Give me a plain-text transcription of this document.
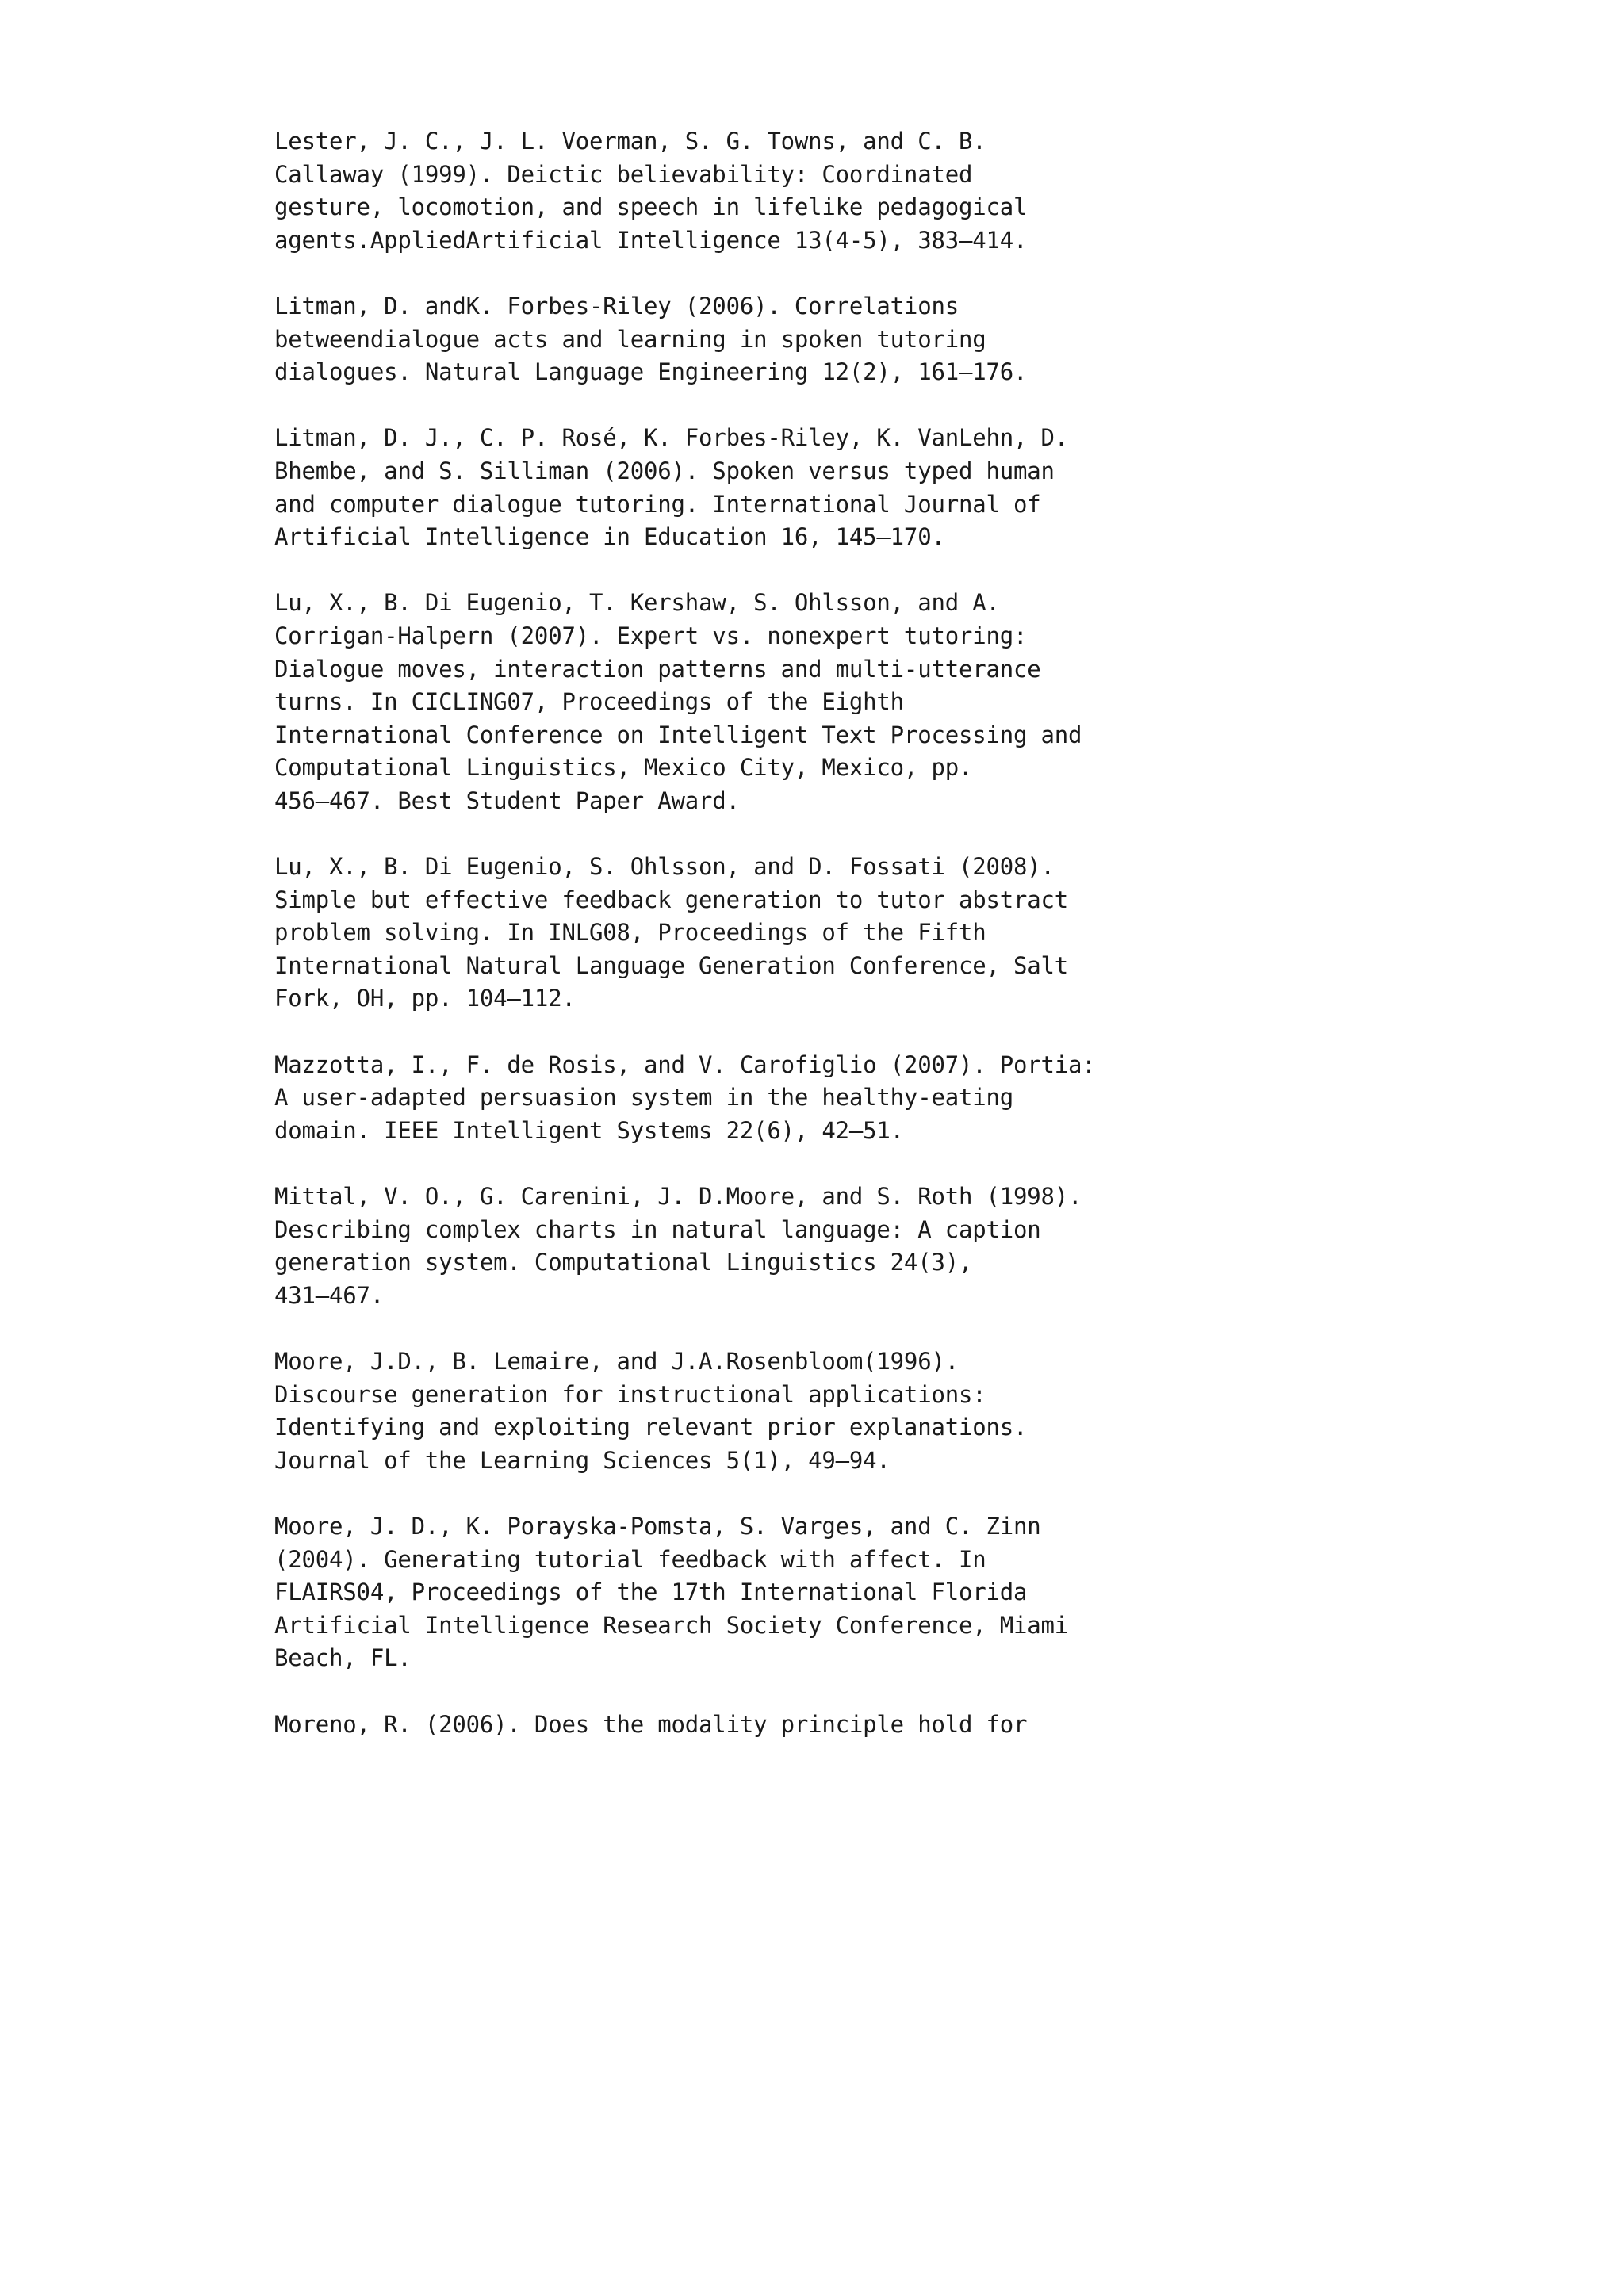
Lester, J. C., J. L. Voerman, S. G. Towns, and C. B.
Callaway (1999). Deictic believability: Coordinated
gesture, locomotion, and speech in lifelike pedagogical
agents.AppliedArtificial Intelligence 13(4-5), 383–414.
Litman, D. andK. Forbes-Riley (2006). Correlations
betweendialogue acts and learning in spoken tutoring
dialogues. Natural Language Engineering 12(2), 161–176.
Litman, D. J., C. P. Rosé, K. Forbes-Riley, K. VanLehn, D.
Bhembe, and S. Silliman (2006). Spoken versus typed human
and computer dialogue tutoring. International Journal of
Artificial Intelligence in Education 16, 145–170.
Lu, X., B. Di Eugenio, T. Kershaw, S. Ohlsson, and A.
Corrigan-Halpern (2007). Expert vs. nonexpert tutoring:
Dialogue moves, interaction patterns and multi-utterance
turns. In CICLING07, Proceedings of the Eighth
International Conference on Intelligent Text Processing and
Computational Linguistics, Mexico City, Mexico, pp.
456–467. Best Student Paper Award.
Lu, X., B. Di Eugenio, S. Ohlsson, and D. Fossati (2008).
Simple but effective feedback generation to tutor abstract
problem solving. In INLG08, Proceedings of the Fifth
International Natural Language Generation Conference, Salt
Fork, OH, pp. 104–112.
Mazzotta, I., F. de Rosis, and V. Carofiglio (2007). Portia:
A user-adapted persuasion system in the healthy-eating
domain. IEEE Intelligent Systems 22(6), 42–51.
Mittal, V. O., G. Carenini, J. D.Moore, and S. Roth (1998).
Describing complex charts in natural language: A caption
generation system. Computational Linguistics 24(3),
431–467.
Moore, J.D., B. Lemaire, and J.A.Rosenbloom(1996).
Discourse generation for instructional applications:
Identifying and exploiting relevant prior explanations.
Journal of the Learning Sciences 5(1), 49–94.
Moore, J. D., K. Porayska-Pomsta, S. Varges, and C. Zinn
(2004). Generating tutorial feedback with affect. In
FLAIRS04, Proceedings of the 17th International Florida
Artificial Intelligence Research Society Conference, Miami
Beach, FL.
Moreno, R. (2006). Does the modality principle hold for
